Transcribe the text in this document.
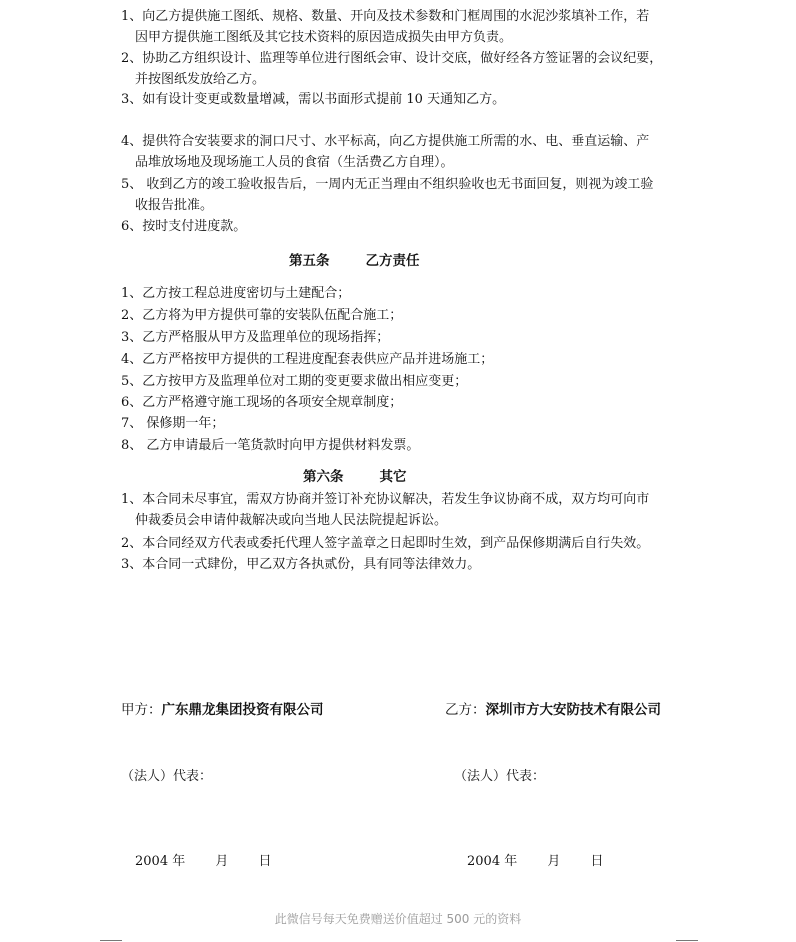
1、向乙方提供施工图纸、规格、数量、开向及技术参数和门框周围的水泥沙浆填补工作，若
因甲方提供施工图纸及其它技术资料的原因造成损失由甲方负责。
2、协助乙方组织设计、监理等单位进行图纸会审、设计交底，做好经各方签证署的会议纪要，
并按图纸发放给乙方。
3、如有设计变更或数量增减，需以书面形式提前 10 天通知乙方。
4、提供符合安装要求的洞口尺寸、水平标高，向乙方提供施工所需的水、电、垂直运输、产
品堆放场地及现场施工人员的食宿（生活费乙方自理）。
5、 收到乙方的竣工验收报告后，一周内无正当理由不组织验收也无书面回复，则视为竣工验
收报告批准。
6、按时支付进度款。
第五条	乙方责任
1、乙方按工程总进度密切与土建配合；
2、乙方将为甲方提供可靠的安装队伍配合施工；
3、乙方严格服从甲方及监理单位的现场指挥；
4、乙方严格按甲方提供的工程进度配套表供应产品并进场施工；
5、乙方按甲方及监理单位对工期的变更要求做出相应变更；
6、乙方严格遵守施工现场的各项安全规章制度；
7、 保修期一年；
8、 乙方申请最后一笔货款时向甲方提供材料发票。
第六条	其它
1、本合同未尽事宜，需双方协商并签订补充协议解决，若发生争议协商不成，双方均可向市
仲裁委员会申请仲裁解决或向当地人民法院提起诉讼。
2、本合同经双方代表或委托代理人签字盖章之日起即时生效，到产品保修期满后自行失效。
3、本合同一式肆份，甲乙双方各执贰份，具有同等法律效力。
甲方：广东鼎龙集团投资有限公司	乙方：深圳市方大安防技术有限公司
（法人）代表：	（法人）代表：
2004 年 　　月 　　日	2004 年 　　月 　　日
此微信号每天免费赠送价值超过 500 元的资料
